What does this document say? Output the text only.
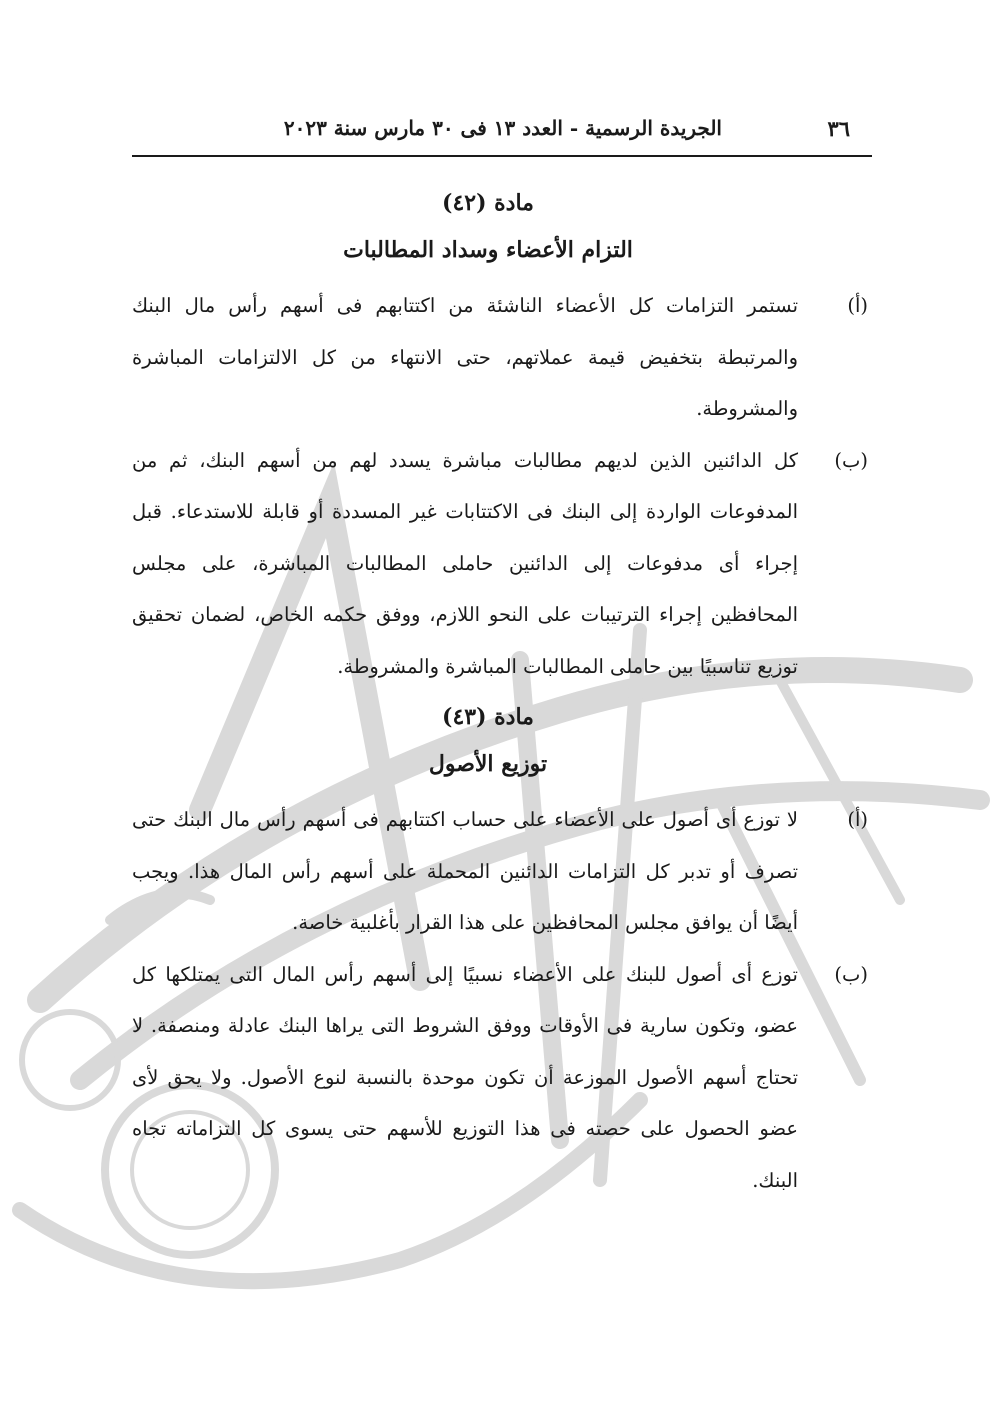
٣٦
الجريدة الرسمية - العدد ١٣ فى ٣٠ مارس سنة ٢٠٢٣
مادة (٤٢)
التزام الأعضاء وسداد المطالبات

(أ)
تستمر التزامات كل الأعضاء الناشئة من اكتتابهم فى أسهم رأس مال البنك والمرتبطة بتخفيض قيمة عملاتهم، حتى الانتهاء من كل الالتزامات المباشرة والمشروطة.

(ب)
كل الدائنين الذين لديهم مطالبات مباشرة يسدد لهم من أسهم البنك، ثم من المدفوعات الواردة إلى البنك فى الاكتتابات غير المسددة أو قابلة للاستدعاء. قبل إجراء أى مدفوعات إلى الدائنين حاملى المطالبات المباشرة، على مجلس المحافظين إجراء الترتيبات على النحو اللازم، ووفق حكمه الخاص، لضمان تحقيق توزيع تناسبيًا بين حاملى المطالبات المباشرة والمشروطة.

مادة (٤٣)
توزيع الأصول

(أ)
لا توزع أى أصول على الأعضاء على حساب اكتتابهم فى أسهم رأس مال البنك حتى تصرف أو تدبر كل التزامات الدائنين المحملة على أسهم رأس المال هذا. ويجب أيضًا أن يوافق مجلس المحافظين على هذا القرار بأغلبية خاصة.

(ب)
توزع أى أصول للبنك على الأعضاء نسبيًا إلى أسهم رأس المال التى يمتلكها كل عضو، وتكون سارية فى الأوقات ووفق الشروط التى يراها البنك عادلة ومنصفة. لا تحتاج أسهم الأصول الموزعة أن تكون موحدة بالنسبة لنوع الأصول. ولا يحق لأى عضو الحصول على حصته فى هذا التوزيع للأسهم حتى يسوى كل التزاماته تجاه البنك.
